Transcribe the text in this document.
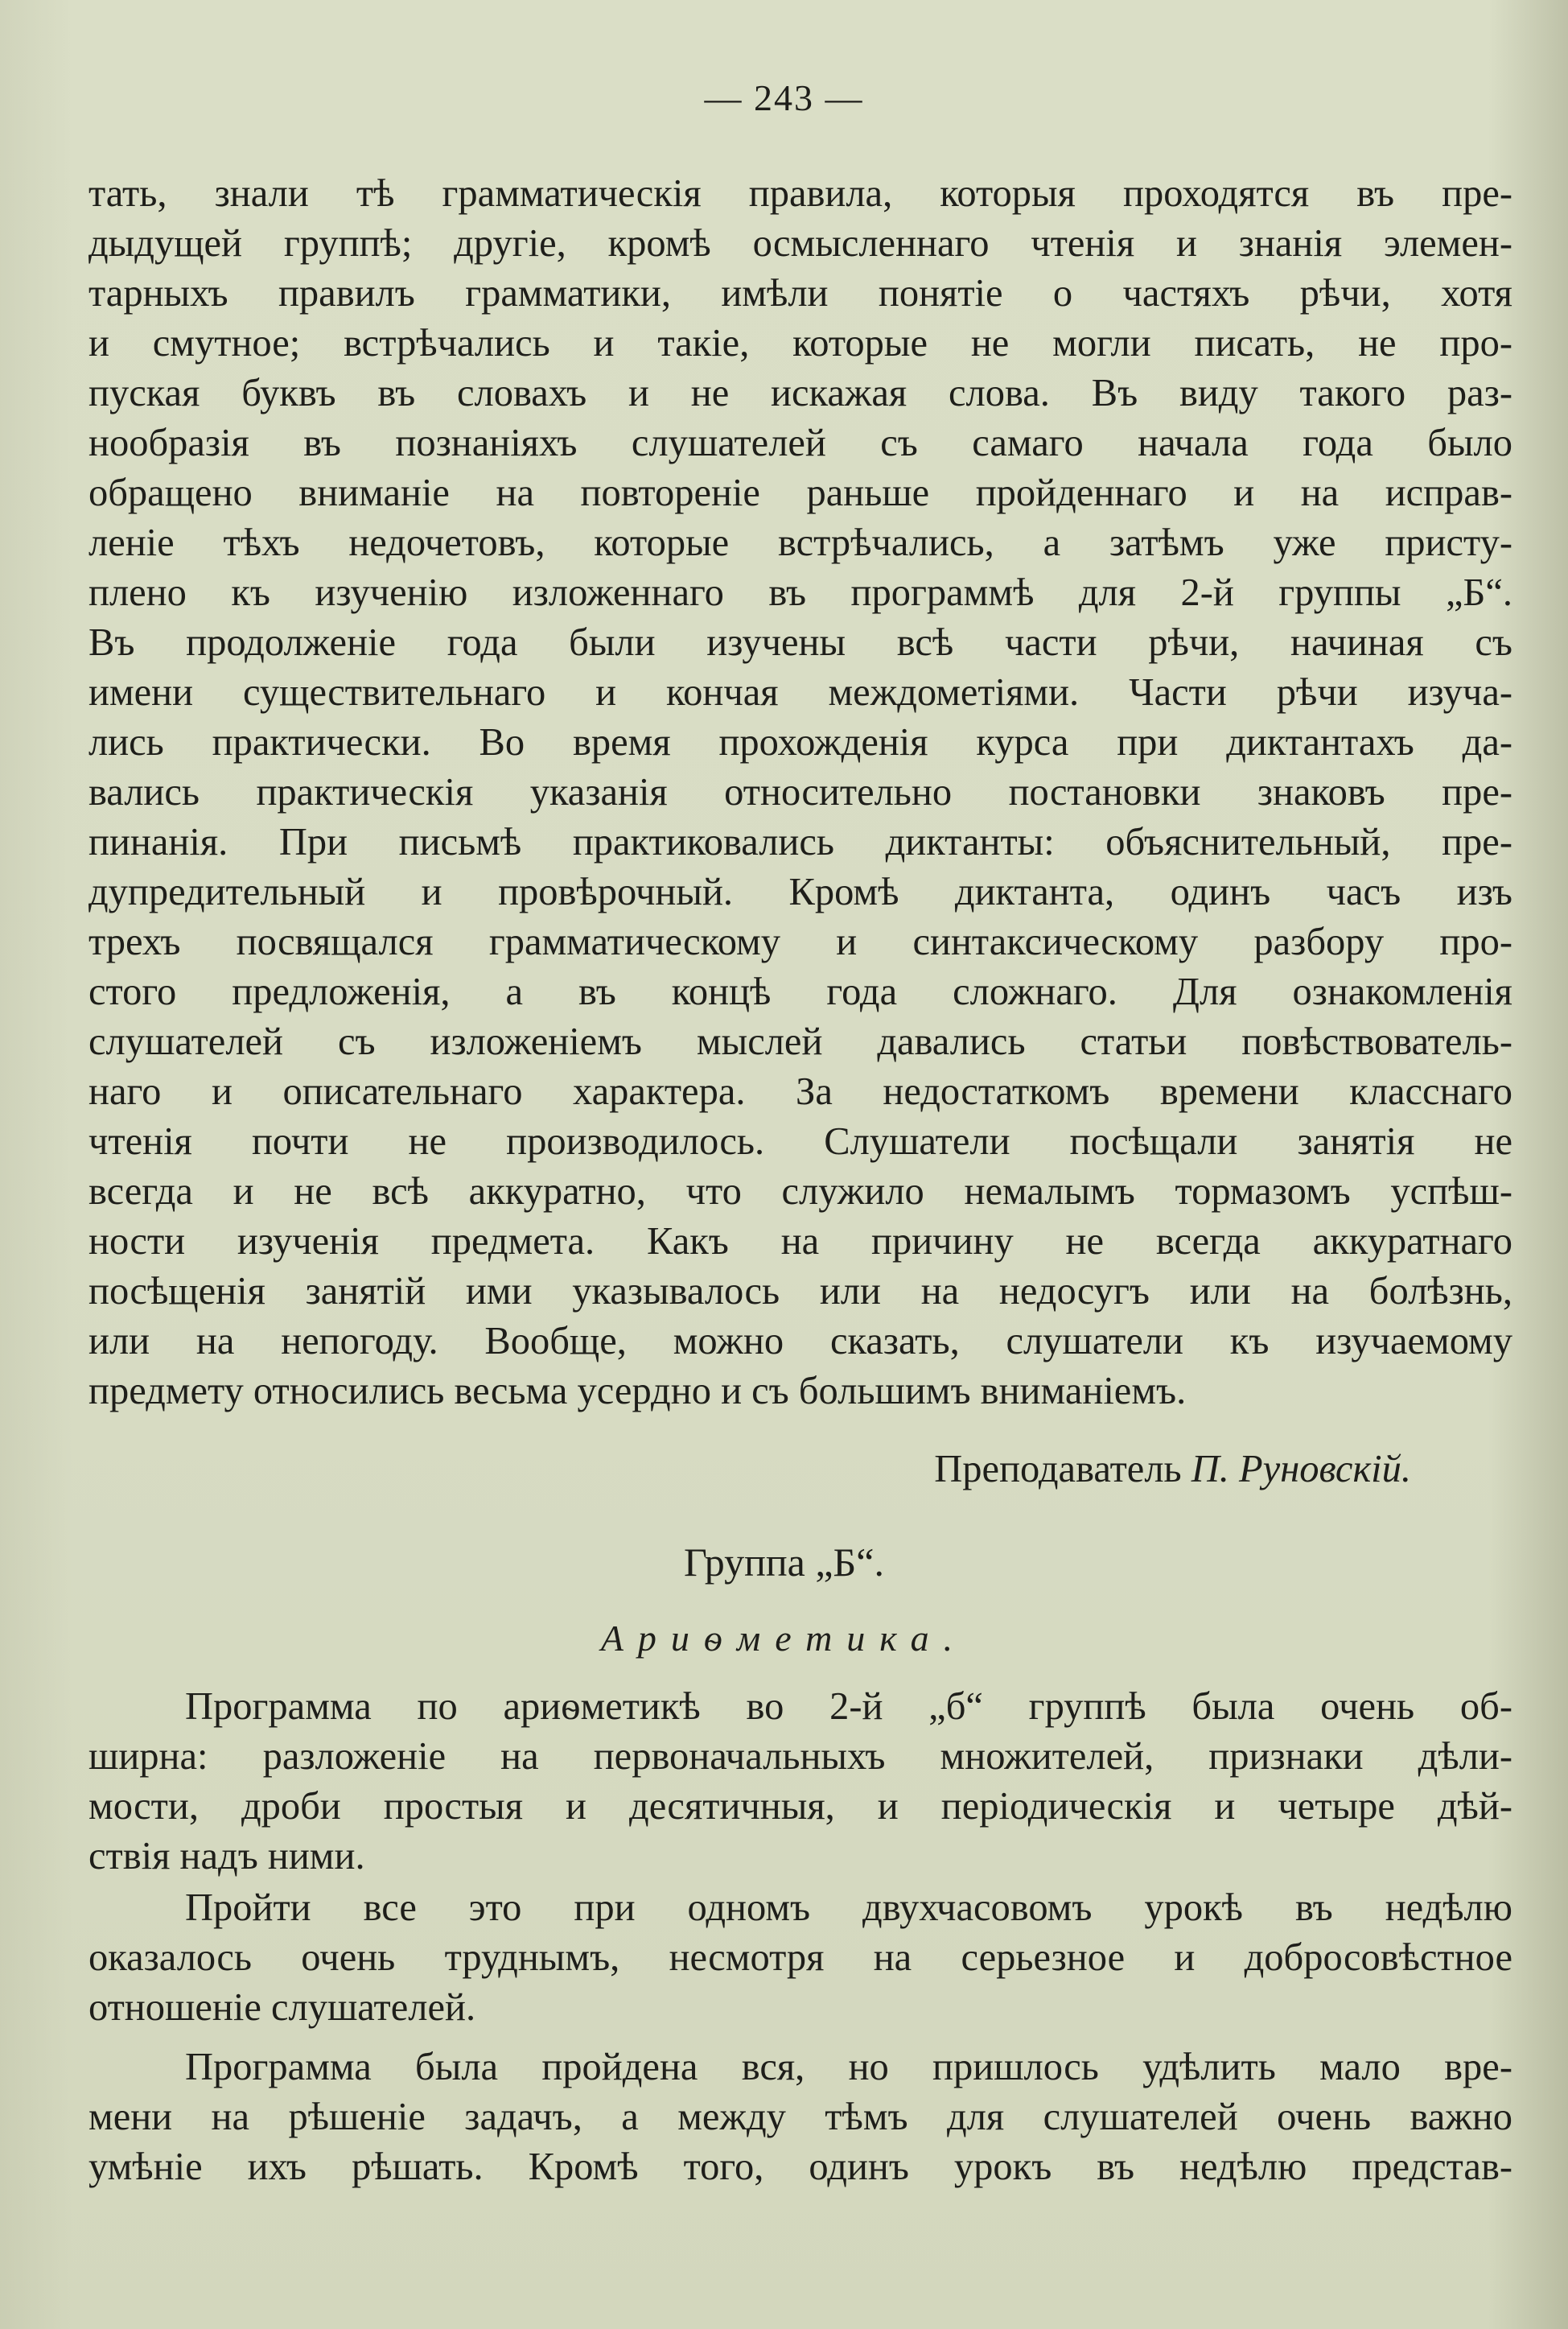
— 243 —
тать, знали тѣ грамматическія правила, которыя проходятся въ пре-
дыдущей группѣ; другіе, кромѣ осмысленнаго чтенія и знанія элемен-
тарныхъ правилъ грамматики, имѣли понятіе о частяхъ рѣчи, хотя
и смутное; встрѣчались и такіе, которые не могли писать, не про-
пуская буквъ въ словахъ и не искажая слова. Въ виду такого раз-
нообразія въ познаніяхъ слушателей съ самаго начала года было
обращено вниманіе на повтореніе раньше пройденнаго и на исправ-
леніе тѣхъ недочетовъ, которые встрѣчались, а затѣмъ уже присту-
плено къ изученію изложеннаго въ программѣ для 2-й группы „Б“.
Въ продолженіе года были изучены всѣ части рѣчи, начиная съ
имени существительнаго и кончая междометіями. Части рѣчи изуча-
лись практически. Во время прохожденія курса при диктантахъ да-
вались практическія указанія относительно постановки знаковъ пре-
пинанія. При письмѣ практиковались диктанты: объяснительный, пре-
дупредительный и провѣрочный. Кромѣ диктанта, одинъ часъ изъ
трехъ посвящался грамматическому и синтаксическому разбору про-
стого предложенія, а въ концѣ года сложнаго. Для ознакомленія
слушателей съ изложеніемъ мыслей давались статьи повѣствователь-
наго и описательнаго характера. За недостаткомъ времени класснаго
чтенія почти не производилось. Слушатели посѣщали занятія не
всегда и не всѣ аккуратно, что служило немалымъ тормазомъ успѣш-
ности изученія предмета. Какъ на причину не всегда аккуратнаго
посѣщенія занятій ими указывалось или на недосугъ или на болѣзнь,
или на непогоду. Вообще, можно сказать, слушатели къ изучаемому
предмету относились весьма усердно и съ большимъ вниманіемъ.
Преподаватель П. Руновскій.
Группа „Б“.
Ариѳметика.
Программа по ариѳметикѣ во 2-й „б“ группѣ была очень об-
ширна: разложеніе на первоначальныхъ множителей, признаки дѣли-
мости, дроби простыя и десятичныя, и періодическія и четыре дѣй-
ствія надъ ними.
Пройти все это при одномъ двухчасовомъ урокѣ въ недѣлю
оказалось очень труднымъ, несмотря на серьезное и добросовѣстное
отношеніе слушателей.
Программа была пройдена вся, но пришлось удѣлить мало вре-
мени на рѣшеніе задачъ, а между тѣмъ для слушателей очень важно
умѣніе ихъ рѣшать. Кромѣ того, одинъ урокъ въ недѣлю представ-
